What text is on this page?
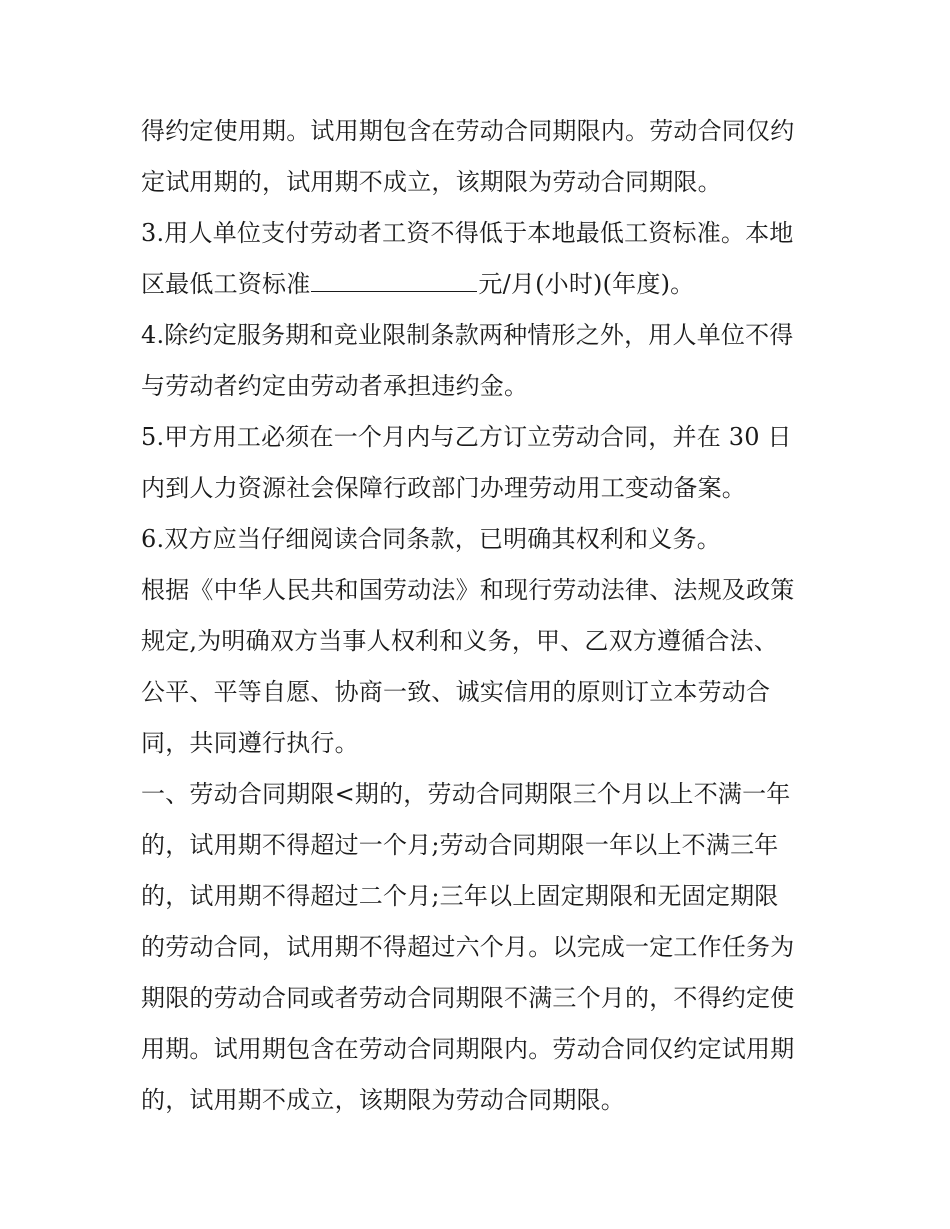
得约定使用期。试用期包含在劳动合同期限内。劳动合同仅约
定试用期的，试用期不成立，该期限为劳动合同期限。
3.用人单位支付劳动者工资不得低于本地最低工资标准。本地
区最低工资标准	元/月(小时)(年度)。
4.除约定服务期和竞业限制条款两种情形之外，用人单位不得
与劳动者约定由劳动者承担违约金。
5.甲方用工必须在一个月内与乙方订立劳动合同，并在 30 日
内到人力资源社会保障行政部门办理劳动用工变动备案。
6.双方应当仔细阅读合同条款，已明确其权利和义务。
根据《中华人民共和国劳动法》和现行劳动法律、法规及政策
规定,为明确双方当事人权利和义务，甲、乙双方遵循合法、
公平、平等自愿、协商一致、诚实信用的原则订立本劳动合
同，共同遵行执行。
一、劳动合同期限<期的，劳动合同期限三个月以上不满一年
的，试用期不得超过一个月;劳动合同期限一年以上不满三年
的，试用期不得超过二个月;三年以上固定期限和无固定期限
的劳动合同，试用期不得超过六个月。以完成一定工作任务为
期限的劳动合同或者劳动合同期限不满三个月的，不得约定使
用期。试用期包含在劳动合同期限内。劳动合同仅约定试用期
的，试用期不成立，该期限为劳动合同期限。
